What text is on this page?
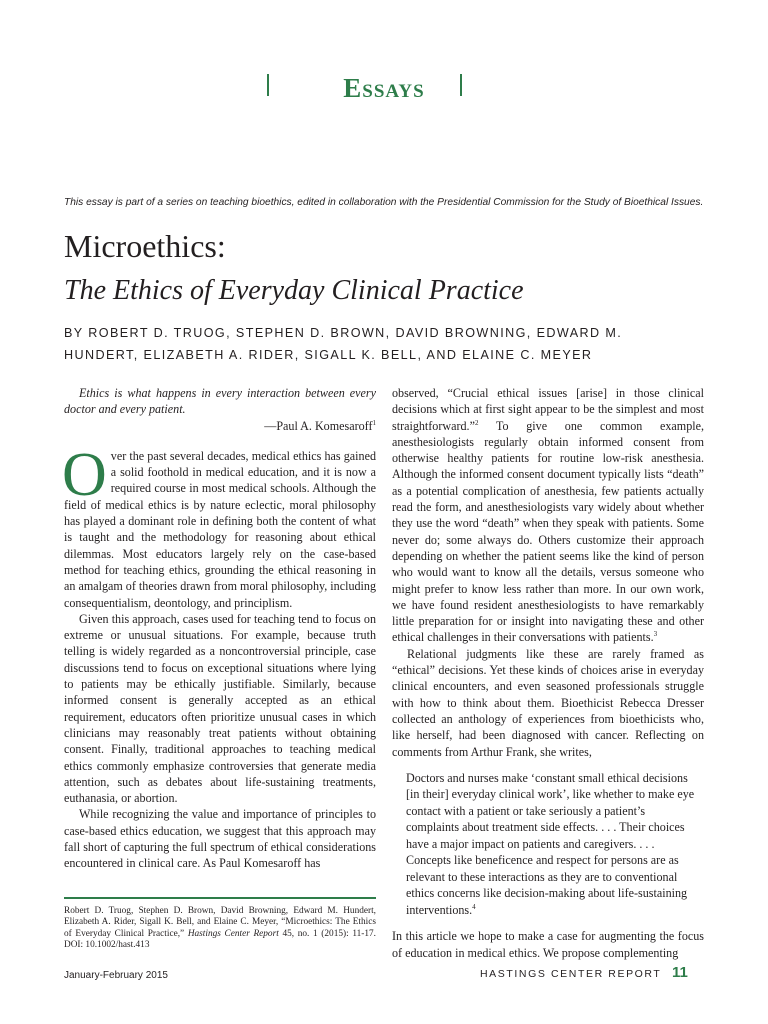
Essays
This essay is part of a series on teaching bioethics, edited in collaboration with the Presidential Commission for the Study of Bioethical Issues.
Microethics:
The Ethics of Everyday Clinical Practice
BY ROBERT D. TRUOG, STEPHEN D. BROWN, DAVID BROWNING, EDWARD M.
HUNDERT, ELIZABETH A. RIDER, SIGALL K. BELL, AND ELAINE C. MEYER

Ethics is what happens in every interaction between every doctor and every patient.

—Paul A. Komesaroff$^1$

Over the past several decades, medical ethics has gained a solid foothold in medical education, and it is now a required course in most medical schools. Although the field of medical ethics is by nature eclectic, moral philosophy has played a dominant role in defining both the content of what is taught and the methodology for reasoning about ethical dilemmas. Most educators largely rely on the case-based method for teaching ethics, grounding the ethical reasoning in an amalgam of theories drawn from moral philosophy, including consequentialism, deontology, and principlism.

Given this approach, cases used for teaching tend to focus on extreme or unusual situations. For example, because truth telling is widely regarded as a noncontroversial principle, case discussions tend to focus on exceptional situations where lying to patients may be ethically justifiable. Similarly, because informed consent is generally accepted as an ethical requirement, educators often prioritize unusual cases in which clinicians may reasonably treat patients without obtaining consent. Finally, traditional approaches to teaching medical ethics commonly emphasize controversies that generate media attention, such as debates about life-sustaining treatments, euthanasia, or abortion.

While recognizing the value and importance of principles to case-based ethics education, we suggest that this approach may fall short of capturing the full spectrum of ethical considerations encountered in clinical care. As Paul Komesaroff has

observed, “Crucial ethical issues [arise] in those clinical decisions which at first sight appear to be the simplest and most straightforward.”$^2$ To give one common example, anesthesiologists regularly obtain informed consent from otherwise healthy patients for routine low-risk anesthesia. Although the informed consent document typically lists “death” as a potential complication of anesthesia, few patients actually read the form, and anesthesiologists vary widely about whether they use the word “death” when they speak with patients. Some never do; some always do. Others customize their approach depending on whether the patient seems like the kind of person who would want to know all the details, versus someone who might prefer to know less rather than more. In our own work, we have found resident anesthesiologists to have remarkably little preparation for or insight into navigating these and other ethical challenges in their conversations with patients.$^3$

Relational judgments like these are rarely framed as “ethical” decisions. Yet these kinds of choices arise in everyday clinical encounters, and even seasoned professionals struggle with how to think about them. Bioethicist Rebecca Dresser collected an anthology of experiences from bioethicists who, like herself, had been diagnosed with cancer. Reflecting on comments from Arthur Frank, she writes,

Doctors and nurses make ‘constant small ethical decisions [in their] everyday clinical work’, like whether to make eye contact with a patient or take seriously a patient’s complaints about treatment side effects. . . . Their choices have a major impact on patients and caregivers. . . . Concepts like beneficence and respect for persons are as relevant to these interactions as they are to conventional ethics concerns like decision-making about life-sustaining interventions.$^4$

In this article we hope to make a case for augmenting the focus of education in medical ethics. We propose complementing

Robert D. Truog, Stephen D. Brown, David Browning, Edward M. Hundert, Elizabeth A. Rider, Sigall K. Bell, and Elaine C. Meyer, “Microethics: The Ethics of Everyday Clinical Practice,” Hastings Center Report 45, no. 1 (2015): 11-17. DOI: 10.1002/hast.413
January-February 2015	HASTINGS CENTER REPORT 11
